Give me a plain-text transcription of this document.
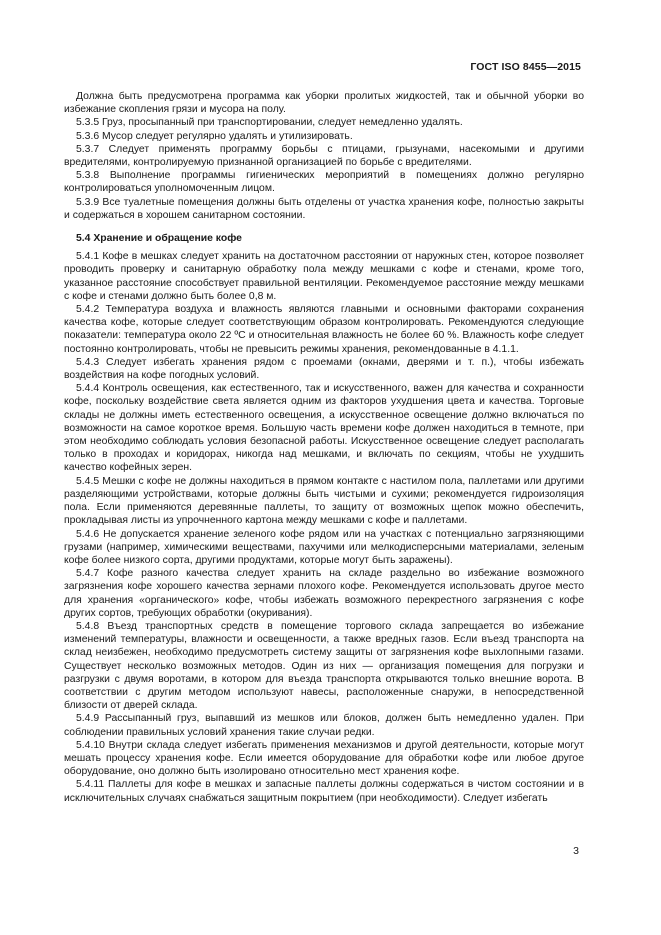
ГОСТ ISO 8455—2015

Должна быть предусмотрена программа как уборки пролитых жидкостей, так и обычной уборки во избежание скопления грязи и мусора на полу.

5.3.5 Груз, просыпанный при транспортировании, следует немедленно удалять.

5.3.6 Мусор следует регулярно удалять и утилизировать.

5.3.7 Следует применять программу борьбы с птицами, грызунами, насекомыми и другими вредителями, контролируемую признанной организацией по борьбе с вредителями.

5.3.8 Выполнение программы гигиенических мероприятий в помещениях должно регулярно контролироваться уполномоченным лицом.

5.3.9 Все туалетные помещения должны быть отделены от участка хранения кофе, полностью закрыты и содержаться в хорошем санитарном состоянии.

5.4 Хранение и обращение кофе

5.4.1 Кофе в мешках следует хранить на достаточном расстоянии от наружных стен, которое позволяет проводить проверку и санитарную обработку пола между мешками с кофе и стенами, кроме того, указанное расстояние способствует правильной вентиляции. Рекомендуемое расстояние между мешками с кофе и стенами должно быть более 0,8 м.

5.4.2 Температура воздуха и влажность являются главными и основными факторами сохранения качества кофе, которые следует соответствующим образом контролировать. Рекомендуются следующие показатели: температура около 22 ºС и относительная влажность не более 60 %. Влажность кофе следует постоянно контролировать, чтобы не превысить режимы хранения, рекомендованные в 4.1.1.

5.4.3 Следует избегать хранения рядом с проемами (окнами, дверями и т. п.), чтобы избежать воздействия на кофе погодных условий.

5.4.4 Контроль освещения, как естественного, так и искусственного, важен для качества и сохранности кофе, поскольку воздействие света является одним из факторов ухудшения цвета и качества. Торговые склады не должны иметь естественного освещения, а искусственное освещение должно включаться по возможности на самое короткое время. Большую часть времени кофе должен находиться в темноте, при этом необходимо соблюдать условия безопасной работы. Искусственное освещение следует располагать только в проходах и коридорах, никогда над мешками, и включать по секциям, чтобы не ухудшить качество кофейных зерен.

5.4.5 Мешки с кофе не должны находиться в прямом контакте с настилом пола, паллетами или другими разделяющими устройствами, которые должны быть чистыми и сухими; рекомендуется гидроизоляция пола. Если применяются деревянные паллеты, то защиту от возможных щепок можно обеспечить, прокладывая листы из упрочненного картона между мешками с кофе и паллетами.

5.4.6 Не допускается хранение зеленого кофе рядом или на участках с потенциально загрязняющими грузами (например, химическими веществами, пахучими или мелкодисперсными материалами, зеленым кофе более низкого сорта, другими продуктами, которые могут быть заражены).

5.4.7 Кофе разного качества следует хранить на складе раздельно во избежание возможного загрязнения кофе хорошего качества зернами плохого кофе. Рекомендуется использовать другое место для хранения «органического» кофе, чтобы избежать возможного перекрестного загрязнения с кофе других сортов, требующих обработки (окуривания).

5.4.8 Въезд транспортных средств в помещение торгового склада запрещается во избежание изменений температуры, влажности и освещенности, а также вредных газов. Если въезд транспорта на склад неизбежен, необходимо предусмотреть систему защиты от загрязнения кофе выхлопными газами. Существует несколько возможных методов. Один из них — организация помещения для погрузки и разгрузки с двумя воротами, в котором для въезда транспорта открываются только внешние ворота. В соответствии с другим методом используют навесы, расположенные снаружи, в непосредственной близости от дверей склада.

5.4.9 Рассыпанный груз, выпавший из мешков или блоков, должен быть немедленно удален. При соблюдении правильных условий хранения такие случаи редки.

5.4.10 Внутри склада следует избегать применения механизмов и другой деятельности, которые могут мешать процессу хранения кофе. Если имеется оборудование для обработки кофе или любое другое оборудование, оно должно быть изолировано относительно мест хранения кофе.

5.4.11 Паллеты для кофе в мешках и запасные паллеты должны содержаться в чистом состоянии и в исключительных случаях снабжаться защитным покрытием (при необходимости). Следует избегать

3
